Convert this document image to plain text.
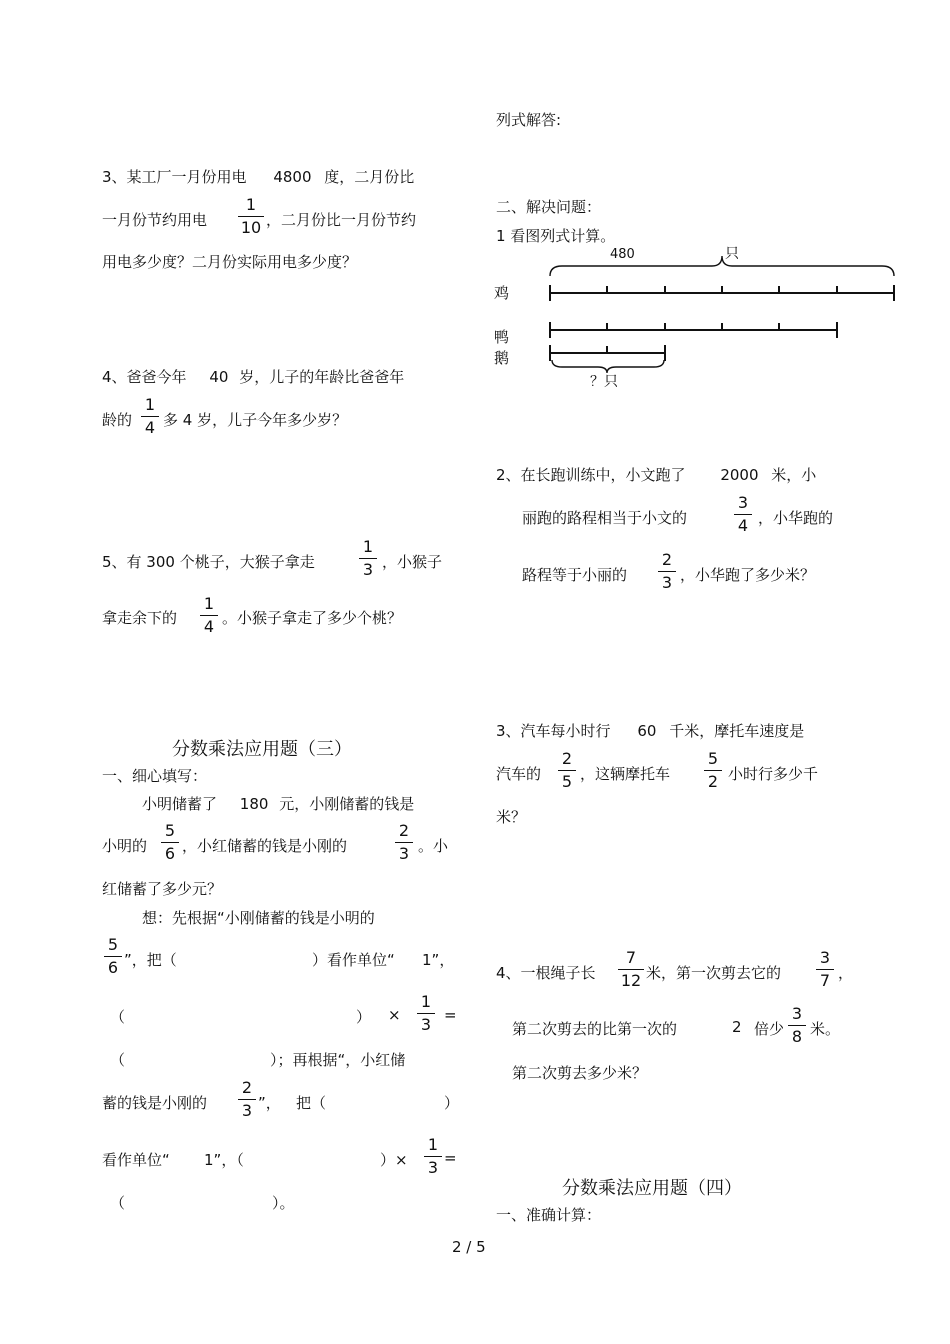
列式解答:
3、某工厂一月份用电 4800 度，二月份比
一月份节约用电
1
10 ，二月份比一月份节约
用电多少度？二月份实际用电多少度？
4、爸爸今年 40 岁，儿子的年龄比爸爸年
龄的
1
4 多 4 岁，儿子今年多少岁？
5、有 300 个桃子，大猴子拿走
1
3 ，小猴子
拿走余下的
1
4 。小猴子拿走了多少个桃？
分数乘法应用题（三）
一、细心填写：
小明储蓄了 180 元，小刚储蓄的钱是
小明的
5
6 ，小红储蓄的钱是小刚的
2
3 。小
红储蓄了多少元？
想：先根据“小刚储蓄的钱是小明的
5
6 ”，把（	）看作单位“ 1”，
（	） ×
1
3 =
（	）；再根据“，小红储
蓄的钱是小刚的
2
3 ”， 把（	）
看作单位“ 1”，（	）×
1
3 =
（	）。
二、解决问题：
1 看图列式计算。
480	只
鸡
鸭
鹅
？只
2、在长跑训练中，小文跑了 2000 米，小
丽跑的路程相当于小文的
3
4 ，小华跑的
路程等于小丽的
2
3 ，小华跑了多少米？
3、汽车每小时行 60 千米，摩托车速度是
汽车的
2
5 ，这辆摩托车
5
2 小时行多少千
米？
4、一根绳子长
7
12 米，第一次剪去它的
3
7 ，
第二次剪去的比第一次的	2 倍少
3
8 米。
第二次剪去多少米？
分数乘法应用题（四）
一、准确计算：
2 / 5
